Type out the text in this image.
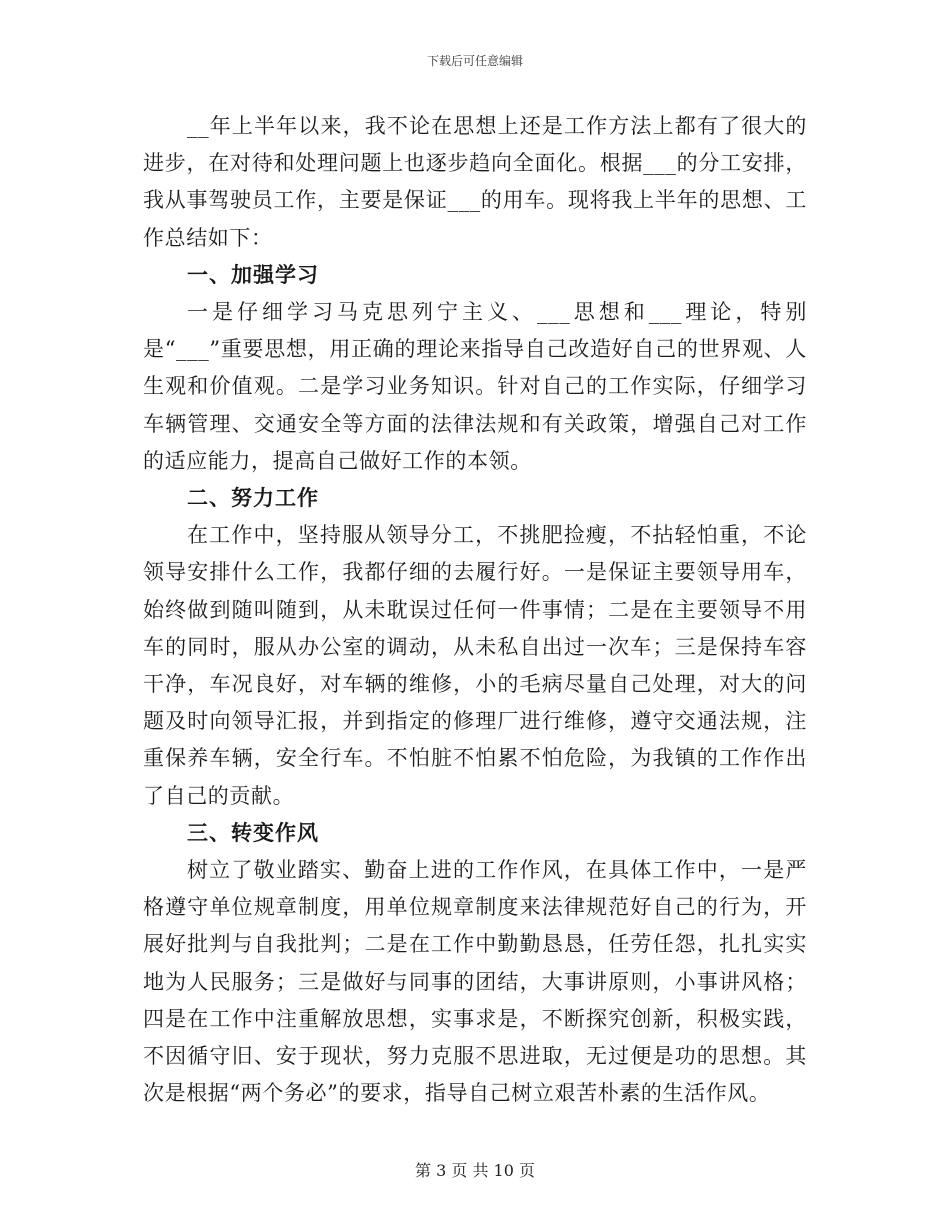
下载后可任意编辑

__年上半年以来，我不论在思想上还是工作方法上都有了很大的进步，在对待和处理问题上也逐步趋向全面化。根据___的分工安排，我从事驾驶员工作，主要是保证___的用车。现将我上半年的思想、工作总结如下：

一、加强学习

一是仔细学习马克思列宁主义、___思想和___理论，特别是“___”重要思想，用正确的理论来指导自己改造好自己的世界观、人生观和价值观。二是学习业务知识。针对自己的工作实际，仔细学习车辆管理、交通安全等方面的法律法规和有关政策，增强自己对工作的适应能力，提高自己做好工作的本领。

二、努力工作

在工作中，坚持服从领导分工，不挑肥捡瘦，不拈轻怕重，不论领导安排什么工作，我都仔细的去履行好。一是保证主要领导用车，始终做到随叫随到，从未耽误过任何一件事情；二是在主要领导不用车的同时，服从办公室的调动，从未私自出过一次车；三是保持车容干净，车况良好，对车辆的维修，小的毛病尽量自己处理，对大的问题及时向领导汇报，并到指定的修理厂进行维修，遵守交通法规，注重保养车辆，安全行车。不怕脏不怕累不怕危险，为我镇的工作作出了自己的贡献。

三、转变作风

树立了敬业踏实、勤奋上进的工作作风，在具体工作中，一是严格遵守单位规章制度，用单位规章制度来法律规范好自己的行为，开展好批判与自我批判；二是在工作中勤勤恳恳，任劳任怨，扎扎实实地为人民服务；三是做好与同事的团结，大事讲原则，小事讲风格；四是在工作中注重解放思想，实事求是，不断探究创新，积极实践，不因循守旧、安于现状，努力克服不思进取，无过便是功的思想。其次是根据“两个务必”的要求，指导自己树立艰苦朴素的生活作风。

第 3 页 共 10 页
